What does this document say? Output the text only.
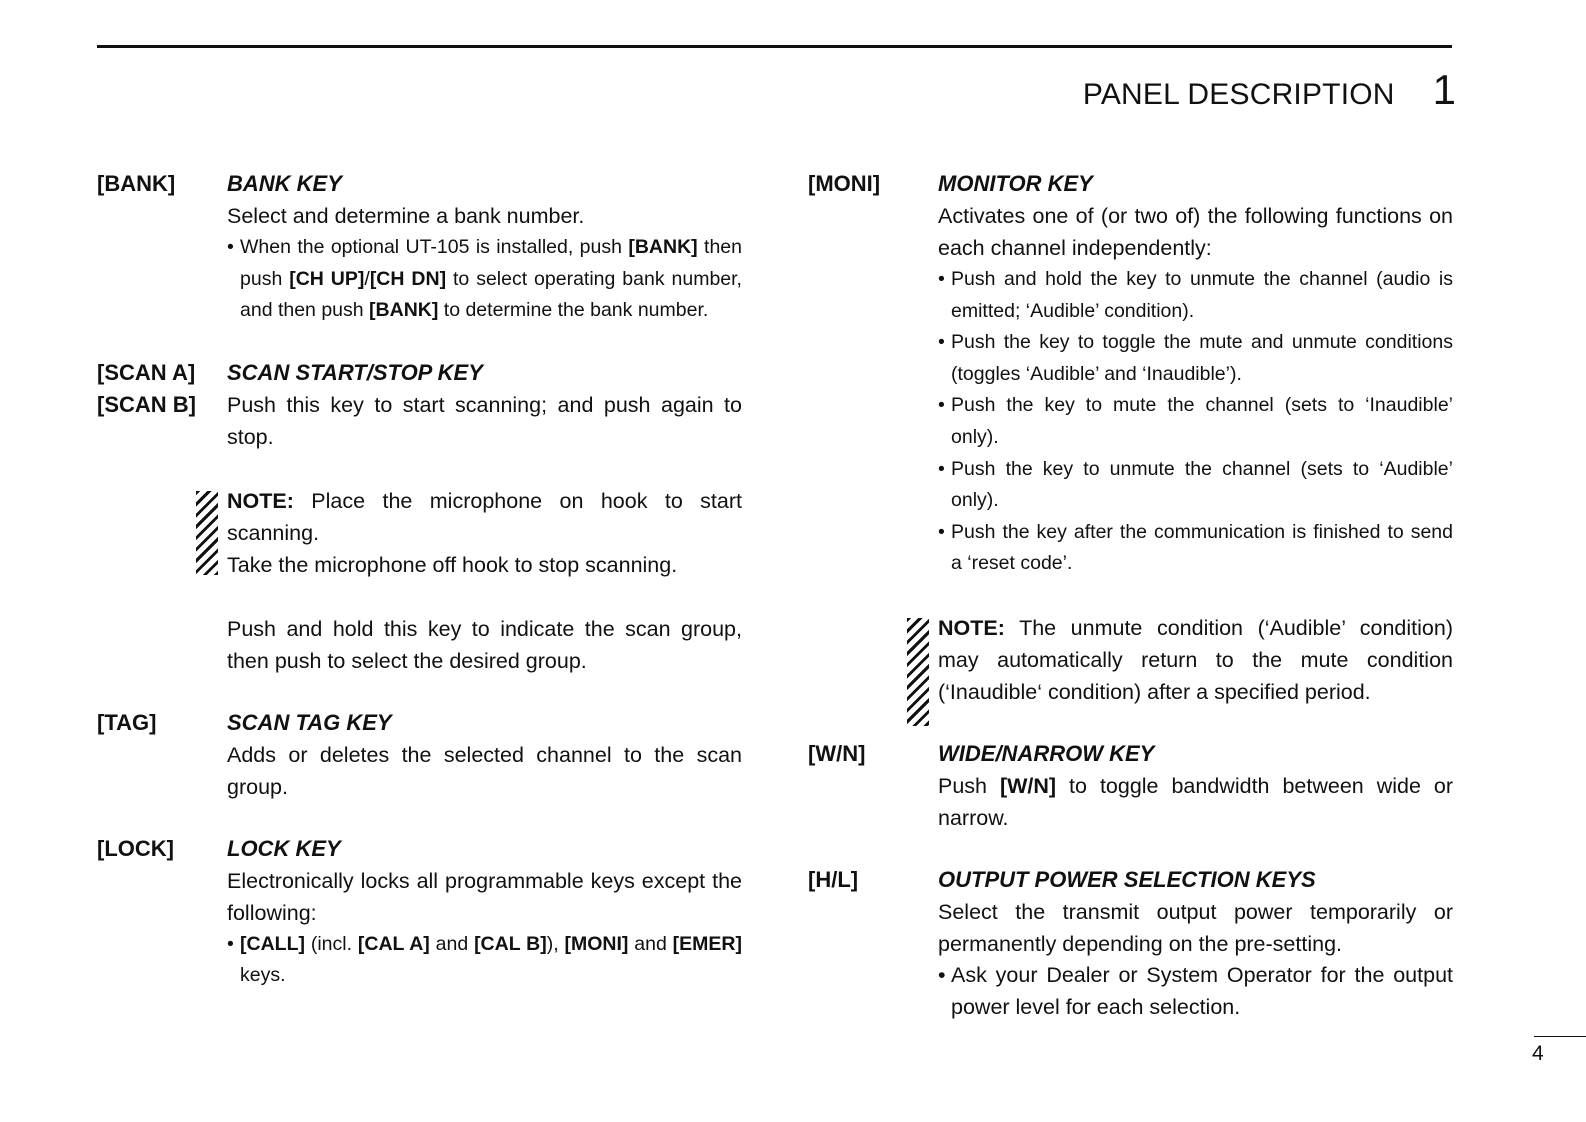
PANEL DESCRIPTION 1
[BANK] BANK KEY
Select and determine a bank number.
• When the optional UT-105 is installed, push [BANK] then push [CH UP]/[CH DN] to select operating bank number, and then push [BANK] to determine the bank number.
[SCAN A]
[SCAN B]
SCAN START/STOP KEY
Push this key to start scanning; and push again to stop.
NOTE: Place the microphone on hook to start scanning.
Take the microphone off hook to stop scanning.
Push and hold this key to indicate the scan group, then push to select the desired group.
[TAG]	SCAN TAG KEY
Adds or deletes the selected channel to the scan group.
[LOCK] LOCK KEY
Electronically locks all programmable keys except the following:
• [CALL] (incl. [CAL A] and [CAL B]), [MONI] and [EMER] keys.
[MONI]	MONITOR KEY
Activates one of (or two of) the following functions on each channel independently:
• Push and hold the key to unmute the channel (audio is emitted; ‘Audible’ condition).
• Push the key to toggle the mute and unmute conditions (toggles ‘Audible’ and ‘Inaudible’).
• Push the key to mute the channel (sets to ‘Inaudible’ only).
• Push the key to unmute the channel (sets to ‘Audible’ only).
• Push the key after the communication is finished to send a ‘reset code’.
NOTE: The unmute condition (‘Audible’ condition) may automatically return to the mute condition (‘Inaudible‘ condition) after a specified period.
[W/N]	WIDE/NARROW KEY
Push [W/N] to toggle bandwidth between wide or narrow.
[H/L]	OUTPUT POWER SELECTION KEYS
Select the transmit output power temporarily or permanently depending on the pre-setting.
• Ask your Dealer or System Operator for the output power level for each selection.
4
